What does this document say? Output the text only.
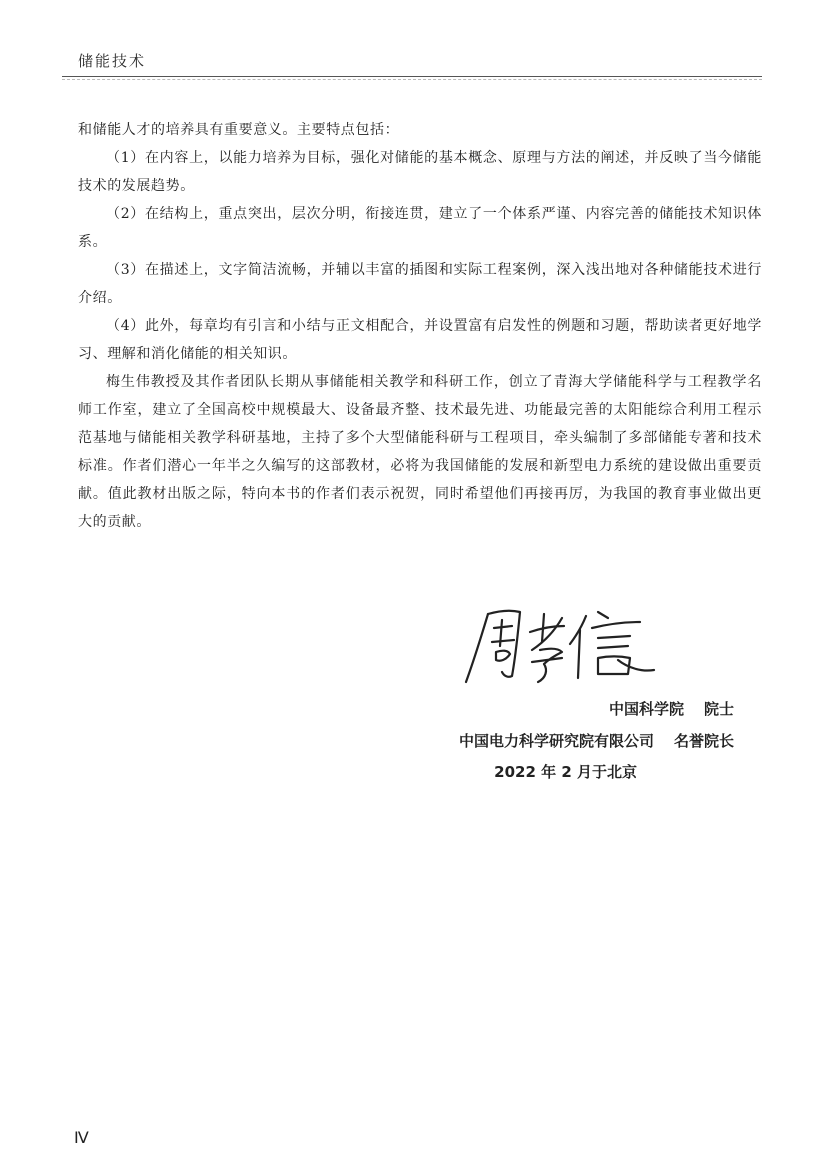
储能技术

和储能人才的培养具有重要意义。主要特点包括：

（1）在内容上，以能力培养为目标，强化对储能的基本概念、原理与方法的阐述，并反映了当今储能技术的发展趋势。

（2）在结构上，重点突出，层次分明，衔接连贯，建立了一个体系严谨、内容完善的储能技术知识体系。

（3）在描述上，文字简洁流畅，并辅以丰富的插图和实际工程案例，深入浅出地对各种储能技术进行介绍。

（4）此外，每章均有引言和小结与正文相配合，并设置富有启发性的例题和习题，帮助读者更好地学习、理解和消化储能的相关知识。

梅生伟教授及其作者团队长期从事储能相关教学和科研工作，创立了青海大学储能科学与工程教学名师工作室，建立了全国高校中规模最大、设备最齐整、技术最先进、功能最完善的太阳能综合利用工程示范基地与储能相关教学科研基地，主持了多个大型储能科研与工程项目，牵头编制了多部储能专著和技术标准。作者们潜心一年半之久编写的这部教材，必将为我国储能的发展和新型电力系统的建设做出重要贡献。值此教材出版之际，特向本书的作者们表示祝贺，同时希望他们再接再厉，为我国的教育事业做出更大的贡献。

中国科学院 院士
中国电力科学研究院有限公司 名誉院长
2022 年 2 月于北京
Ⅳ
